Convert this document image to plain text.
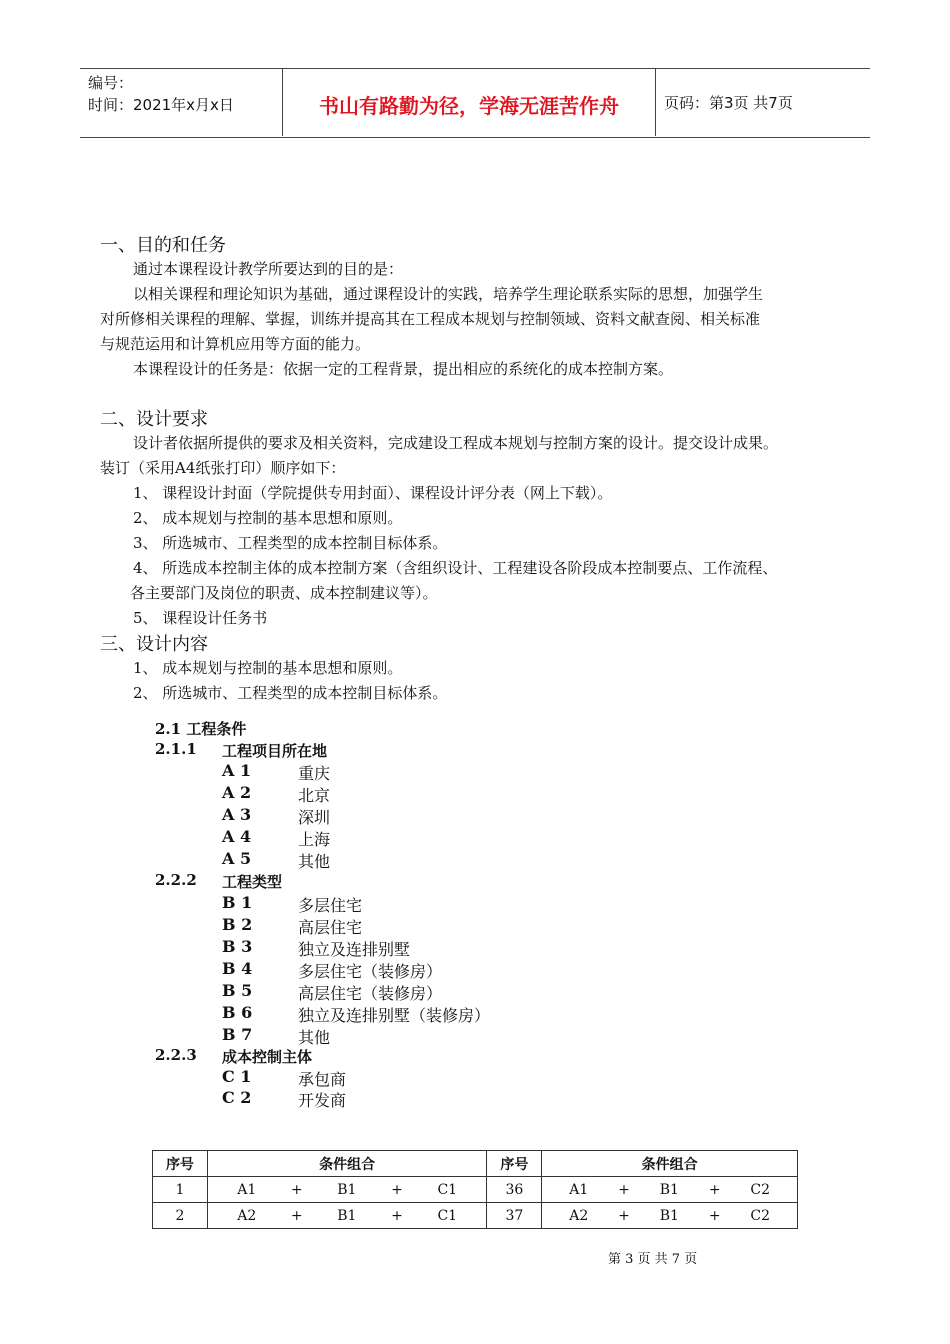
编号：
时间：2021年x月x日	书山有路勤为径，学海无涯苦作舟	页码：第3页 共7页
一、目的和任务
通过本课程设计教学所要达到的目的是：
以相关课程和理论知识为基础，通过课程设计的实践，培养学生理论联系实际的思想，加强学生
对所修相关课程的理解、掌握，训练并提高其在工程成本规划与控制领域、资料文献查阅、相关标准
与规范运用和计算机应用等方面的能力。
本课程设计的任务是：依据一定的工程背景，提出相应的系统化的成本控制方案。
二、设计要求
设计者依据所提供的要求及相关资料，完成建设工程成本规划与控制方案的设计。提交设计成果。
装订（采用A4纸张打印）顺序如下：
1、 课程设计封面（学院提供专用封面）、课程设计评分表（网上下载）。
2、 成本规划与控制的基本思想和原则。
3、 所选城市、工程类型的成本控制目标体系。
4、 所选成本控制主体的成本控制方案（含组织设计、工程建设各阶段成本控制要点、工作流程、
各主要部门及岗位的职责、成本控制建议等）。
5、 课程设计任务书
三、设计内容
1、 成本规划与控制的基本思想和原则。
2、 所选城市、工程类型的成本控制目标体系。
2.1 工程条件
2.1.1 工程项目所在地
A 1	重庆
A 2	北京
A 3	深圳
A 4	上海
A 5	其他
2.2.2 工程类型
B 1	多层住宅
B 2	高层住宅
B 3	独立及连排别墅
B 4	多层住宅（装修房）
B 5	高层住宅（装修房）
B 6	独立及连排别墅（装修房）
B 7	其他
2.2.3 成本控制主体
C 1	承包商
C 2	开发商
序号	条件组合	序号	条件组合
1	A1 + B1 + C1	36	A1 + B1 + C2

2	A2 + B1 + C1	37	A2 + B1 + C2
第 3 页 共 7 页
